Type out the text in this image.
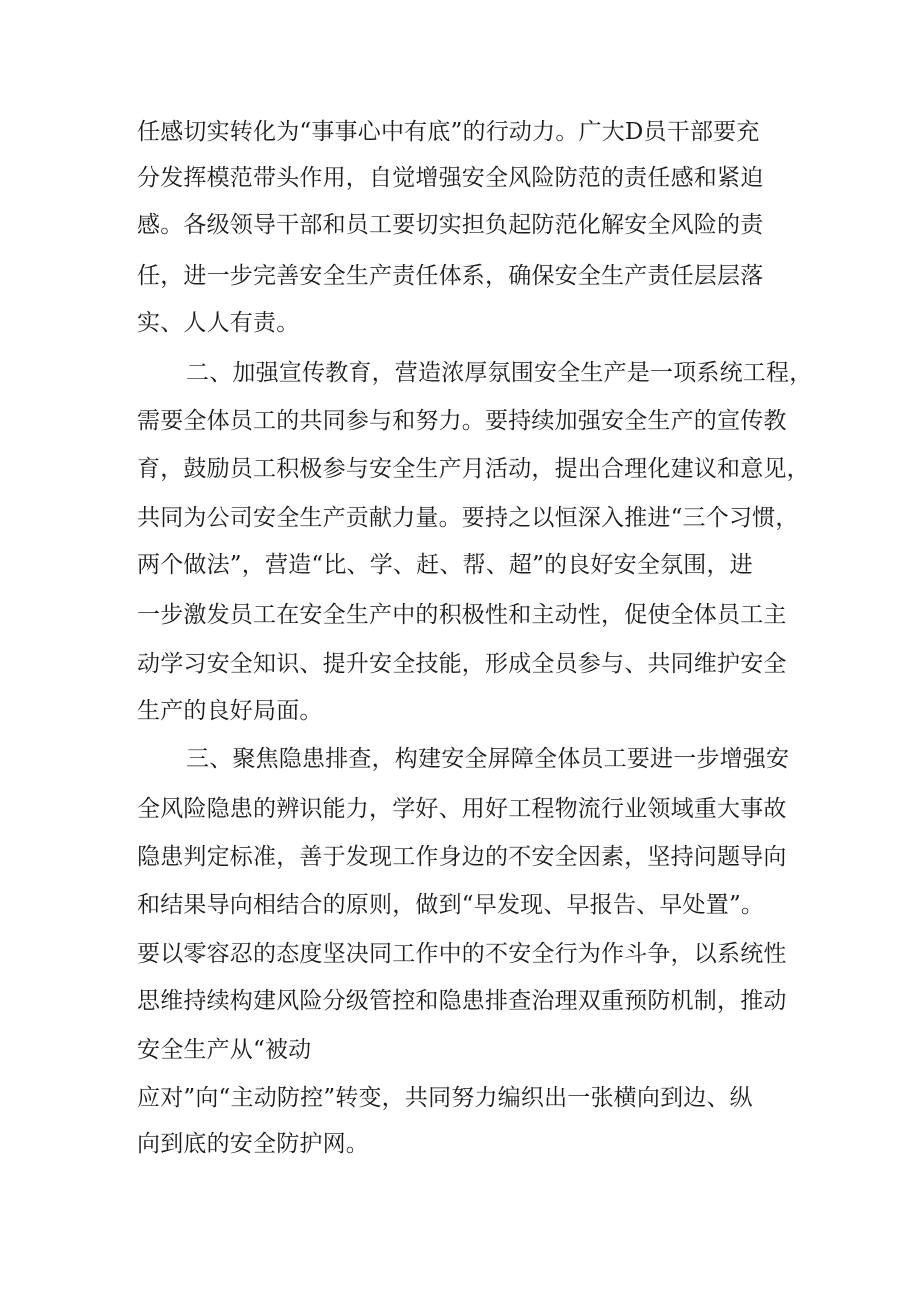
任感切实转化为“事事心中有底”的行动力。广大D员干部要充
分发挥模范带头作用，自觉增强安全风险防范的责任感和紧迫
感。各级领导干部和员工要切实担负起防范化解安全风险的责
任，进一步完善安全生产责任体系，确保安全生产责任层层落
实、人人有责。
二、加强宣传教育，营造浓厚氛围安全生产是一项系统工程，
需要全体员工的共同参与和努力。要持续加强安全生产的宣传教
育，鼓励员工积极参与安全生产月活动，提出合理化建议和意见，
共同为公司安全生产贡献力量。要持之以恒深入推进“三个习惯，
两个做法”，营造“比、学、赶、帮、超”的良好安全氛围，进
一步激发员工在安全生产中的积极性和主动性，促使全体员工主
动学习安全知识、提升安全技能，形成全员参与、共同维护安全
生产的良好局面。
三、聚焦隐患排查，构建安全屏障全体员工要进一步增强安
全风险隐患的辨识能力，学好、用好工程物流行业领域重大事故
隐患判定标准，善于发现工作身边的不安全因素，坚持问题导向
和结果导向相结合的原则，做到“早发现、早报告、早处置”。
要以零容忍的态度坚决同工作中的不安全行为作斗争，以系统性
思维持续构建风险分级管控和隐患排查治理双重预防机制，推动
安全生产从“被动
应对”向“主动防控”转变，共同努力编织出一张横向到边、纵
向到底的安全防护网。
